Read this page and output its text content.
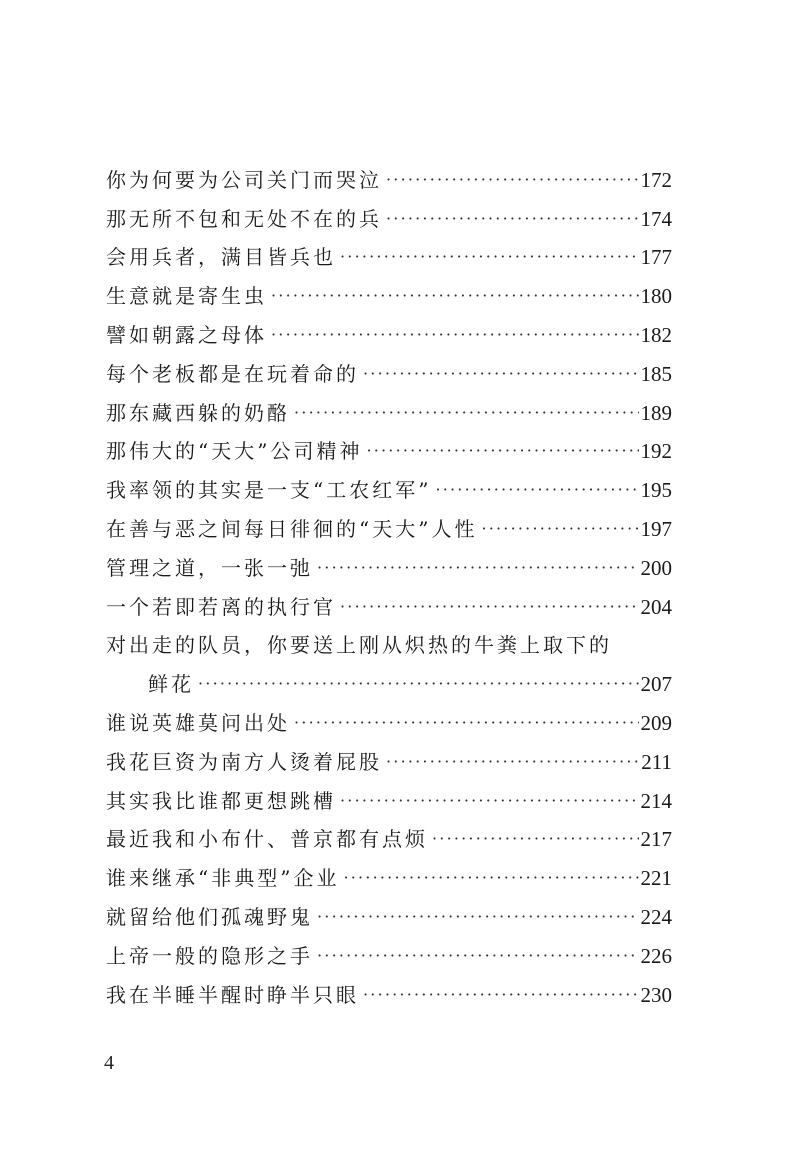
你为何要为公司关门而哭泣 ·····	172
那无所不包和无处不在的兵 ·····	174
会用兵者，满目皆兵也 ·····	177
生意就是寄生虫 ·····	180
譬如朝露之母体 ·····	182
每个老板都是在玩着命的 ·····	185
那东藏西躲的奶酪 ·····	189
那伟大的“天大”公司精神 ·····	192
我率领的其实是一支“工农红军” ·····	195
在善与恶之间每日徘徊的“天大”人性 ·····	197
管理之道，一张一弛 ·····	200
一个若即若离的执行官 ·····	204
对出走的队员，你要送上刚从炽热的牛粪上取下的
鲜花 ·····	207
谁说英雄莫问出处 ·····	209
我花巨资为南方人烫着屁股 ·····	211
其实我比谁都更想跳槽 ·····	214
最近我和小布什、普京都有点烦 ·····	217
谁来继承“非典型”企业 ·····	221
就留给他们孤魂野鬼 ·····	224
上帝一般的隐形之手 ·····	226
我在半睡半醒时睁半只眼 ·····	230
4
